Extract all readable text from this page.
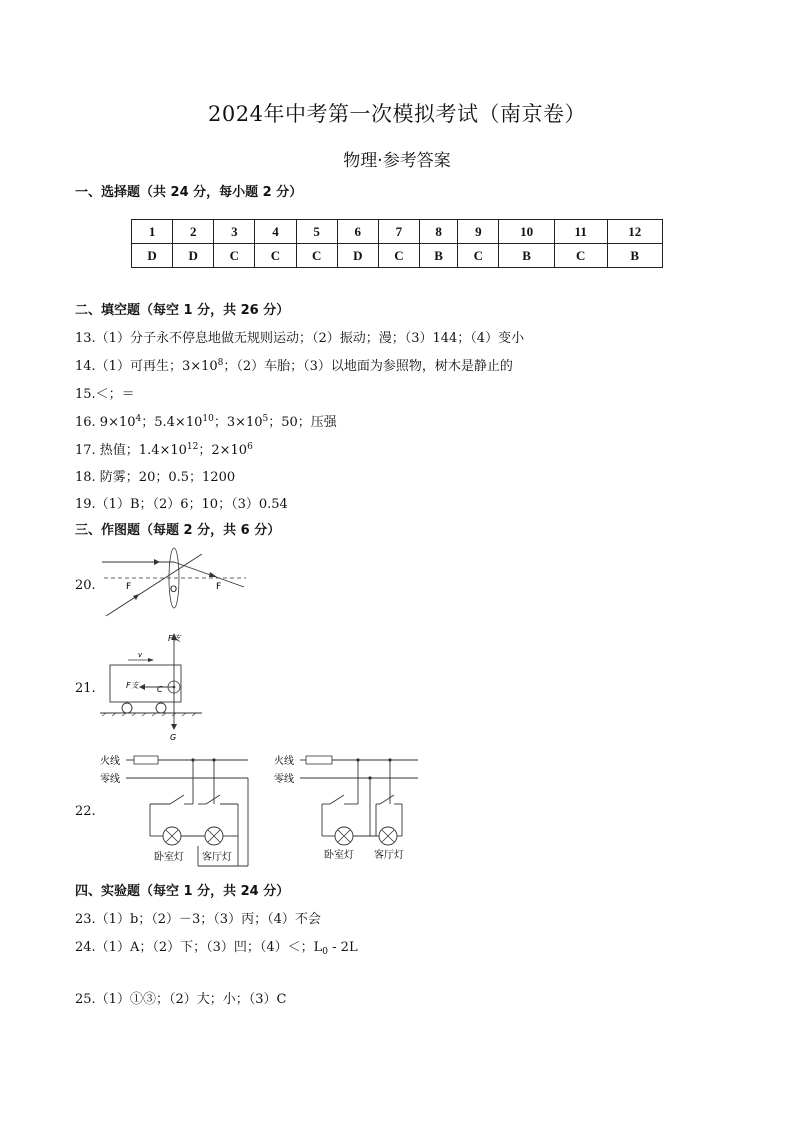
2024年中考第一次模拟考试（南京卷）
物理·参考答案
一、选择题（共 24 分，每小题 2 分）
1	2	3	4	5	6	7	8	9	10	11	12
D	D	C	C	C	D	C	B	C	B	C	B
二、填空题（每空 1 分，共 26 分）
13.（1）分子永不停息地做无规则运动；（2）振动；漫；（3）144；（4）变小
14.（1）可再生；$3\times 10^8$；（2）车胎；（3）以地面为参照物，树木是静止的
15.＜；＝
16. $9\times 10^4$；$5.4\times 10^{10}$；$3\times 10^5$；50；压强
17. 热值；$1.4\times 10^{12}$；$2\times 10^6$
18. 防雾；20；0.5；1200
19.（1）B；（2）6；10；（3）0.54
三、作图题（每题 2 分，共 6 分）
20.	F	F
O
21.
F支
v
F支 C
G
22.
火线
零线
卧室灯 客厅灯
火线
零线
卧室灯 客厅灯
四、实验题（每空 1 分，共 24 分）
23.（1）b；（2）－3；（3）丙；（4）不会
24.（1）A；（2）下；（3）凹；（4）＜；$L_0 - 2L$
25.（1）①③；（2）大；小；（3）C
